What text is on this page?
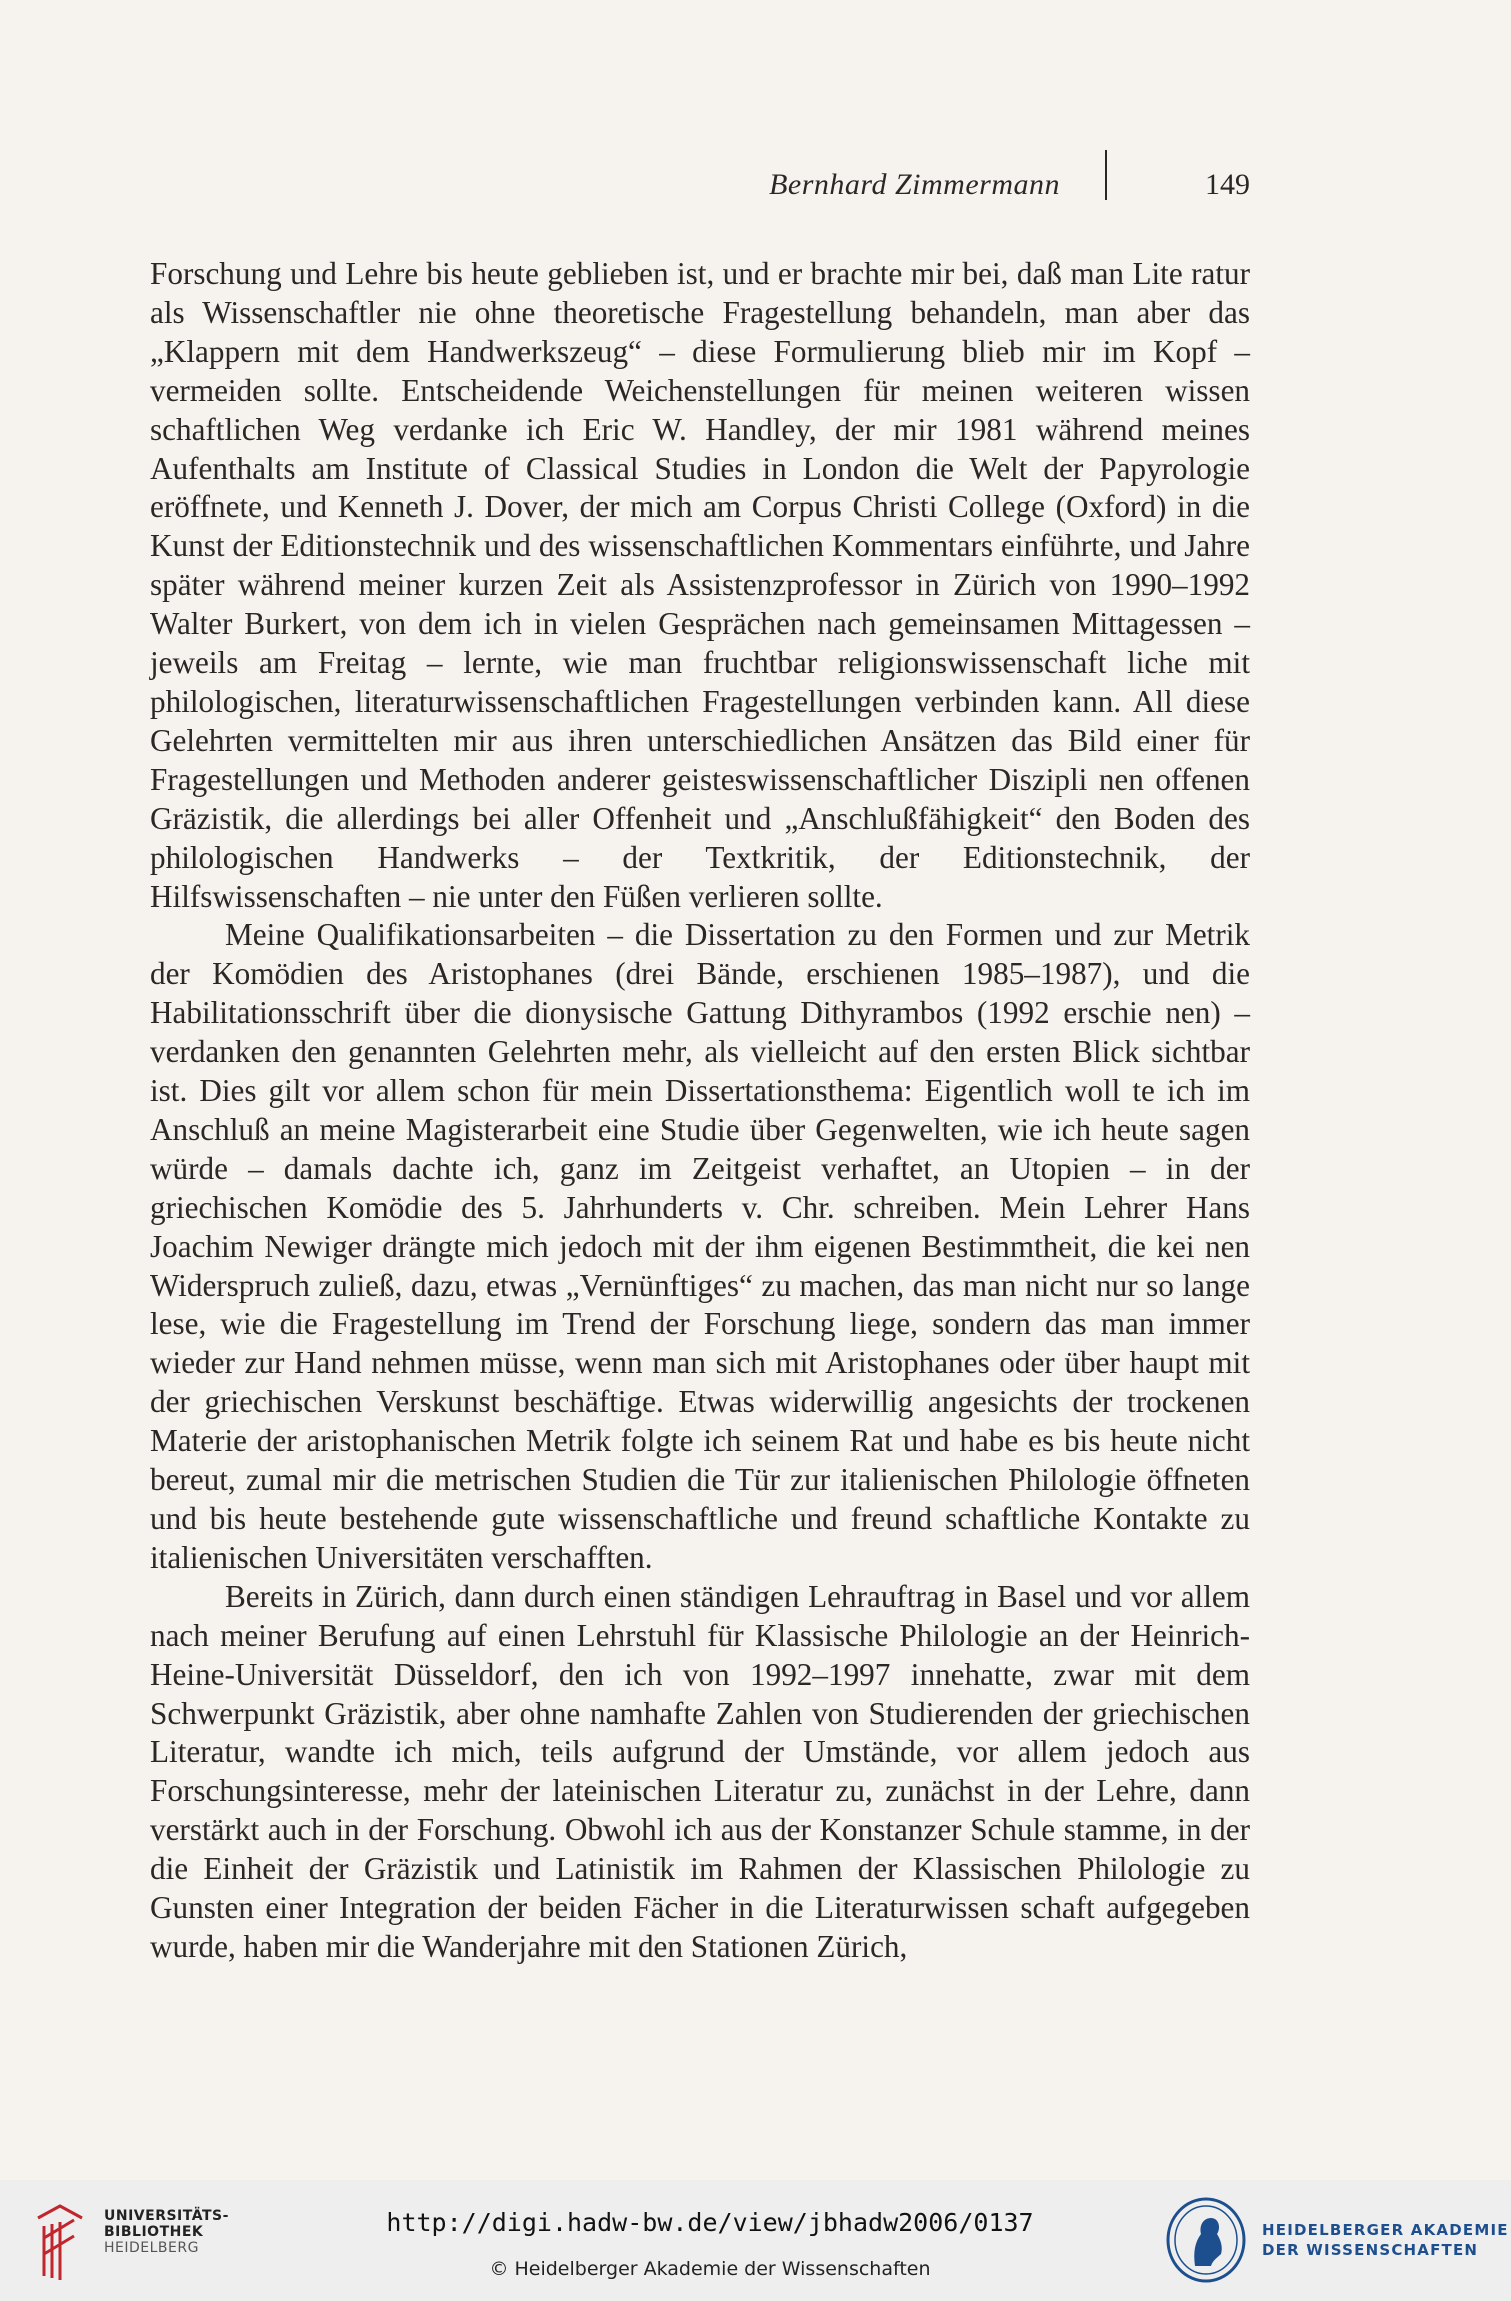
Bernhard Zimmermann	149

Forschung und Lehre bis heute geblieben ist, und er brachte mir bei, daß man Lite ratur als Wissenschaftler nie ohne theoretische Fragestellung behandeln, man aber das „Klappern mit dem Handwerkszeug“ – diese Formulierung blieb mir im Kopf – vermeiden sollte. Entscheidende Weichenstellungen für meinen weiteren wissen schaftlichen Weg verdanke ich Eric W. Handley, der mir 1981 während meines Aufenthalts am Institute of Classical Studies in London die Welt der Papyrologie eröffnete, und Kenneth J. Dover, der mich am Corpus Christi College (Oxford) in die Kunst der Editionstechnik und des wissenschaftlichen Kommentars einführte, und Jahre später während meiner kurzen Zeit als Assistenzprofessor in Zürich von 1990–1992 Walter Burkert, von dem ich in vielen Gesprächen nach gemeinsamen Mittagessen – jeweils am Freitag – lernte, wie man fruchtbar religionswissenschaft liche mit philologischen, literaturwissenschaftlichen Fragestellungen verbinden kann. All diese Gelehrten vermittelten mir aus ihren unterschiedlichen Ansätzen das Bild einer für Fragestellungen und Methoden anderer geisteswissenschaftlicher Diszipli nen offenen Gräzistik, die allerdings bei aller Offenheit und „Anschlußfähigkeit“ den Boden des philologischen Handwerks – der Textkritik, der Editionstechnik, der Hilfswissenschaften – nie unter den Füßen verlieren sollte.

Meine Qualifikationsarbeiten – die Dissertation zu den Formen und zur Metrik der Komödien des Aristophanes (drei Bände, erschienen 1985–1987), und die Habilitationsschrift über die dionysische Gattung Dithyrambos (1992 erschie nen) – verdanken den genannten Gelehrten mehr, als vielleicht auf den ersten Blick sichtbar ist. Dies gilt vor allem schon für mein Dissertationsthema: Eigentlich woll te ich im Anschluß an meine Magisterarbeit eine Studie über Gegenwelten, wie ich heute sagen würde – damals dachte ich, ganz im Zeitgeist verhaftet, an Utopien – in der griechischen Komödie des 5. Jahrhunderts v. Chr. schreiben. Mein Lehrer Hans Joachim Newiger drängte mich jedoch mit der ihm eigenen Bestimmtheit, die kei nen Widerspruch zuließ, dazu, etwas „Vernünftiges“ zu machen, das man nicht nur so lange lese, wie die Fragestellung im Trend der Forschung liege, sondern das man immer wieder zur Hand nehmen müsse, wenn man sich mit Aristophanes oder über haupt mit der griechischen Verskunst beschäftige. Etwas widerwillig angesichts der trockenen Materie der aristophanischen Metrik folgte ich seinem Rat und habe es bis heute nicht bereut, zumal mir die metrischen Studien die Tür zur italienischen Philologie öffneten und bis heute bestehende gute wissenschaftliche und freund schaftliche Kontakte zu italienischen Universitäten verschafften.

Bereits in Zürich, dann durch einen ständigen Lehrauftrag in Basel und vor allem nach meiner Berufung auf einen Lehrstuhl für Klassische Philologie an der Heinrich-Heine-Universität Düsseldorf, den ich von 1992–1997 innehatte, zwar mit dem Schwerpunkt Gräzistik, aber ohne namhafte Zahlen von Studierenden der griechischen Literatur, wandte ich mich, teils aufgrund der Umstände, vor allem jedoch aus Forschungsinteresse, mehr der lateinischen Literatur zu, zunächst in der Lehre, dann verstärkt auch in der Forschung. Obwohl ich aus der Konstanzer Schule stamme, in der die Einheit der Gräzistik und Latinistik im Rahmen der Klassischen Philologie zu Gunsten einer Integration der beiden Fächer in die Literaturwissen schaft aufgegeben wurde, haben mir die Wanderjahre mit den Stationen Zürich,

UNIVERSITÄTS-
BIBLIOTHEK
HEIDELBERG
http://digi.hadw-bw.de/view/jbhadw2006/0137
© Heidelberger Akademie der Wissenschaften
HEIDELBERGER AKADEMIE
DER WISSENSCHAFTEN
